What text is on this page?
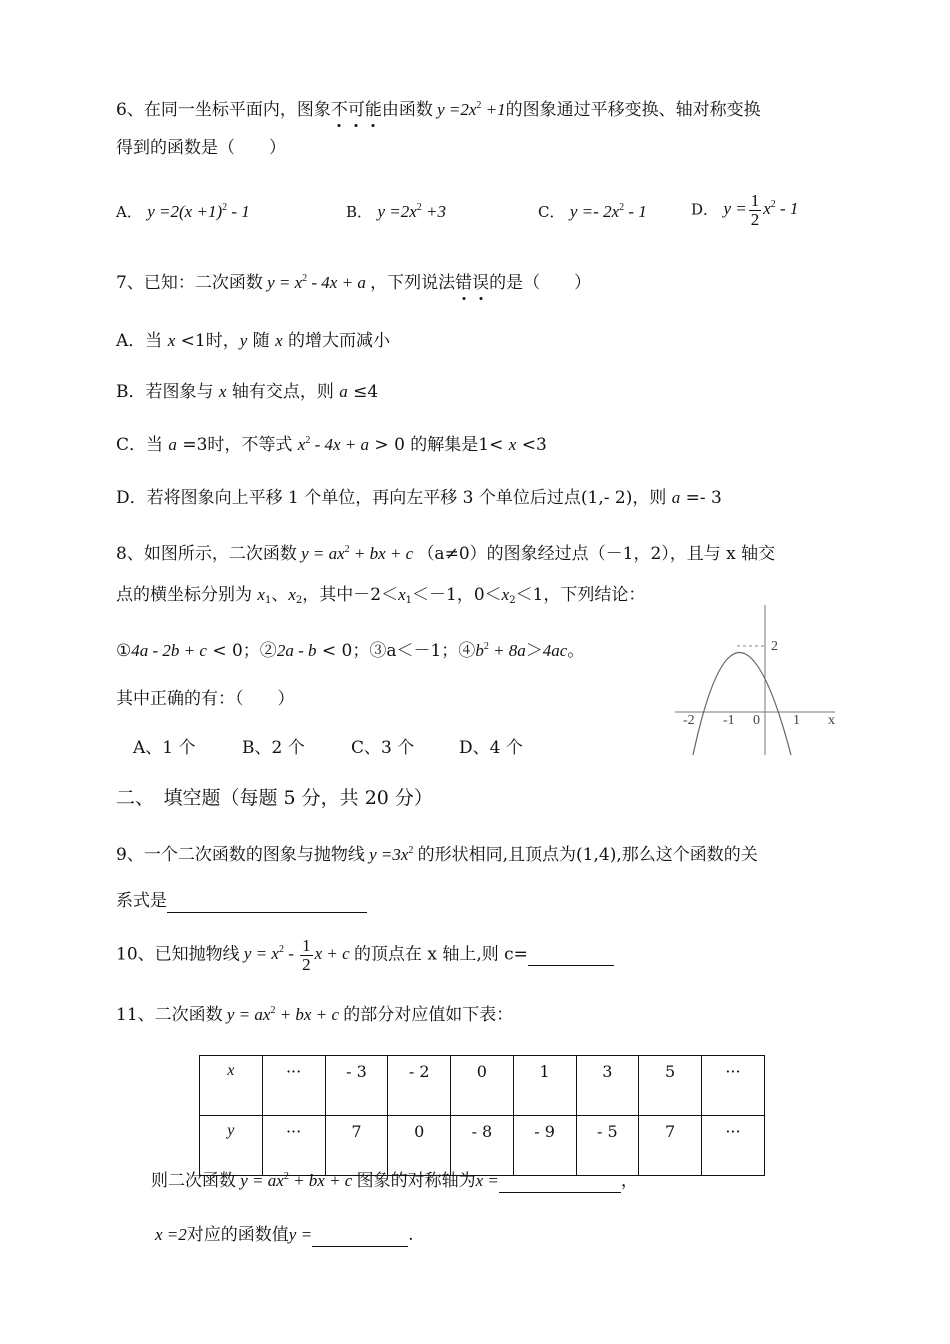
6、在同一坐标平面内，图象不可能由函数 $y =2x^2 +1$的图象通过平移变换、轴对称变换
得到的函数是（　　）
A． $y =2(x +1)^2 - 1$	B． $y =2x^2 +3$	C． $y =- 2x^2 - 1$	D． $y = \frac{1}{2} x^2 - 1$
7、已知：二次函数 $y = x^2 - 4x + a$ ，下列说法错误的是（　　）
A．当 x <1时，y 随 x 的增大而减小
B．若图象与 x 轴有交点，则 a ≤4
C．当 a =3时，不等式 $x^2 - 4x + a > 0$ 的解集是1< x <3
D．若将图象向上平移 1 个单位，再向左平移 3 个单位后过点(1,- 2)，则 a =- 3
8、如图所示，二次函数 $y = ax^2$ + bx + c （a≠0）的图象经过点（－1，2），且与 x 轴交
点的横坐标分别为 $x_1$、$x_2$，其中$-2<x_1<-1$，$0<x_2<1$，下列结论：
①4a - 2b + c < 0；②2a - b < 0；③a＜－1；$④b^2 + 8a>4ac$。
其中正确的有：（　　）
A、1 个	B、2 个	C、3 个	D、4 个
-2 -1 0 1 x
2
二、　填空题（每题 5 分，共 20 分）
9、一个二次函数的图象与抛物线 $y =3x^2$ 的形状相同,且顶点为(1,4),那么这个函数的关
系式是
10、已知抛物线 $y = x^2 - \frac{1}{2}$ x + c 的顶点在 x 轴上,则 c=
11、二次函数 $y = ax^2$ + bx + c 的部分对应值如下表：
x	···	- 3	- 2	0	1	3	5	···
y	···	7	0	- 8	- 9	- 5	7	···
则二次函数 $y = ax^2$ + bx + c 图象的对称轴为x =	，
x =2对应的函数值y =	.
